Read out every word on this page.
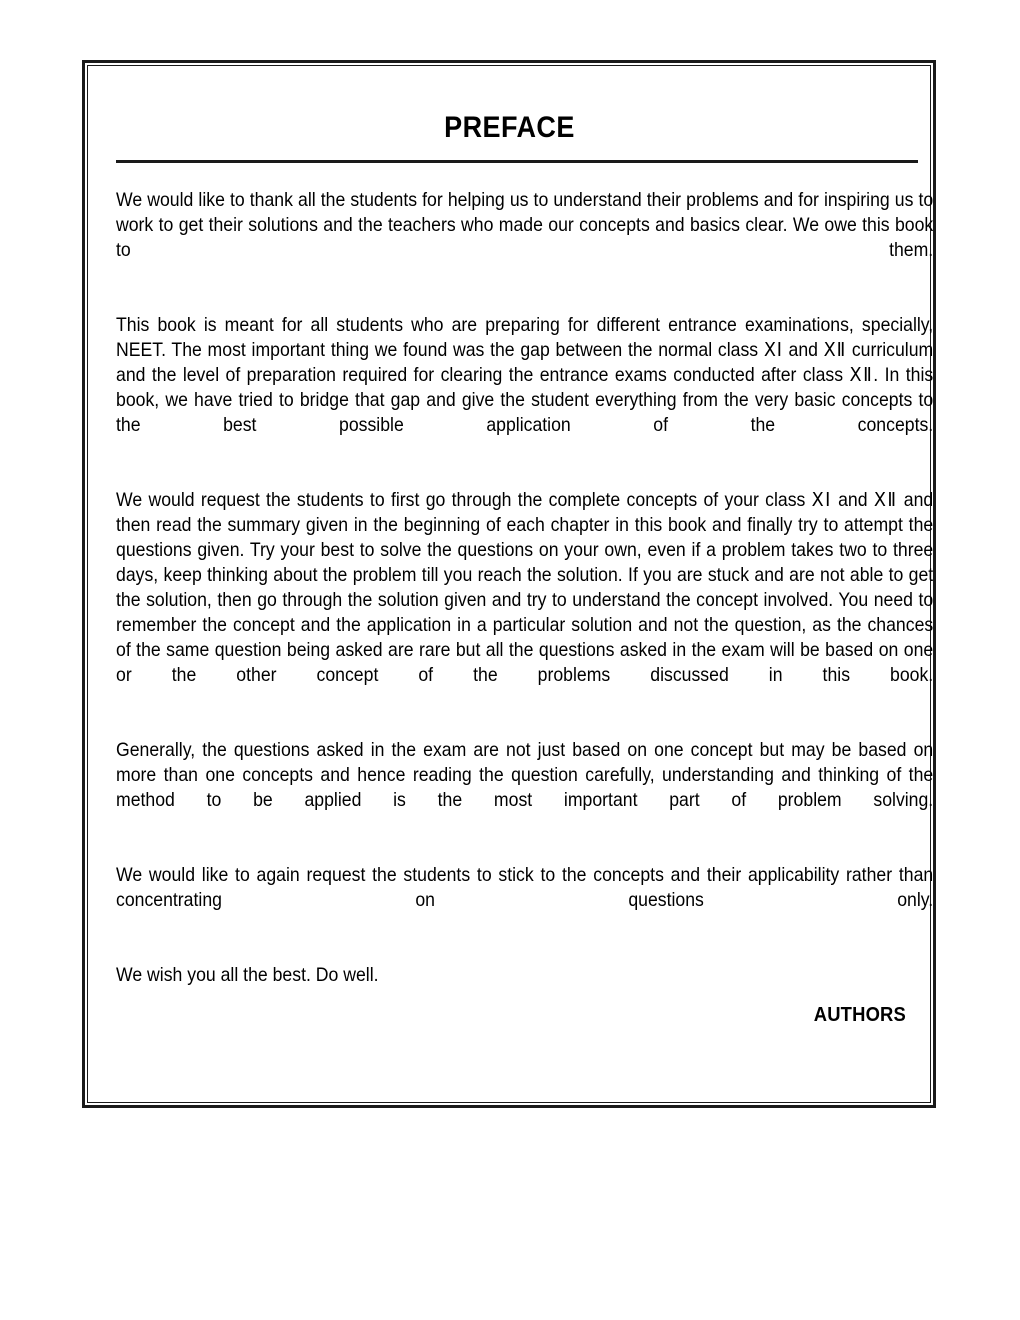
PREFACE

We would like to thank all the students for helping us to understand their problems and for inspiring us to work to get their solutions and the teachers who made our concepts and basics clear. We owe this book to them.

This book is meant for all students who are preparing for different entrance examinations, specially, NEET. The most important thing we found was the gap between the normal class ⅩⅠ and ⅩⅡ curriculum and the level of preparation required for clearing the entrance exams conducted after class ⅩⅡ. In this book, we have tried to bridge that gap and give the student everything from the very basic concepts to the best possible application of the concepts.

We would request the students to first go through the complete concepts of your class ⅩⅠ and ⅩⅡ and then read the summary given in the beginning of each chapter in this book and finally try to attempt the questions given. Try your best to solve the questions on your own, even if a problem takes two to three days, keep thinking about the problem till you reach the solution. If you are stuck and are not able to get the solution, then go through the solution given and try to understand the concept involved. You need to remember the concept and the application in a particular solution and not the question, as the chances of the same question being asked are rare but all the questions asked in the exam will be based on one or the other concept of the problems discussed in this book.

Generally, the questions asked in the exam are not just based on one concept but may be based on more than one concepts and hence reading the question carefully, understanding and thinking of the method to be applied is the most important part of problem solving.

We would like to again request the students to stick to the concepts and their applicability rather than concentrating on questions only.

We wish you all the best. Do well.

AUTHORS
